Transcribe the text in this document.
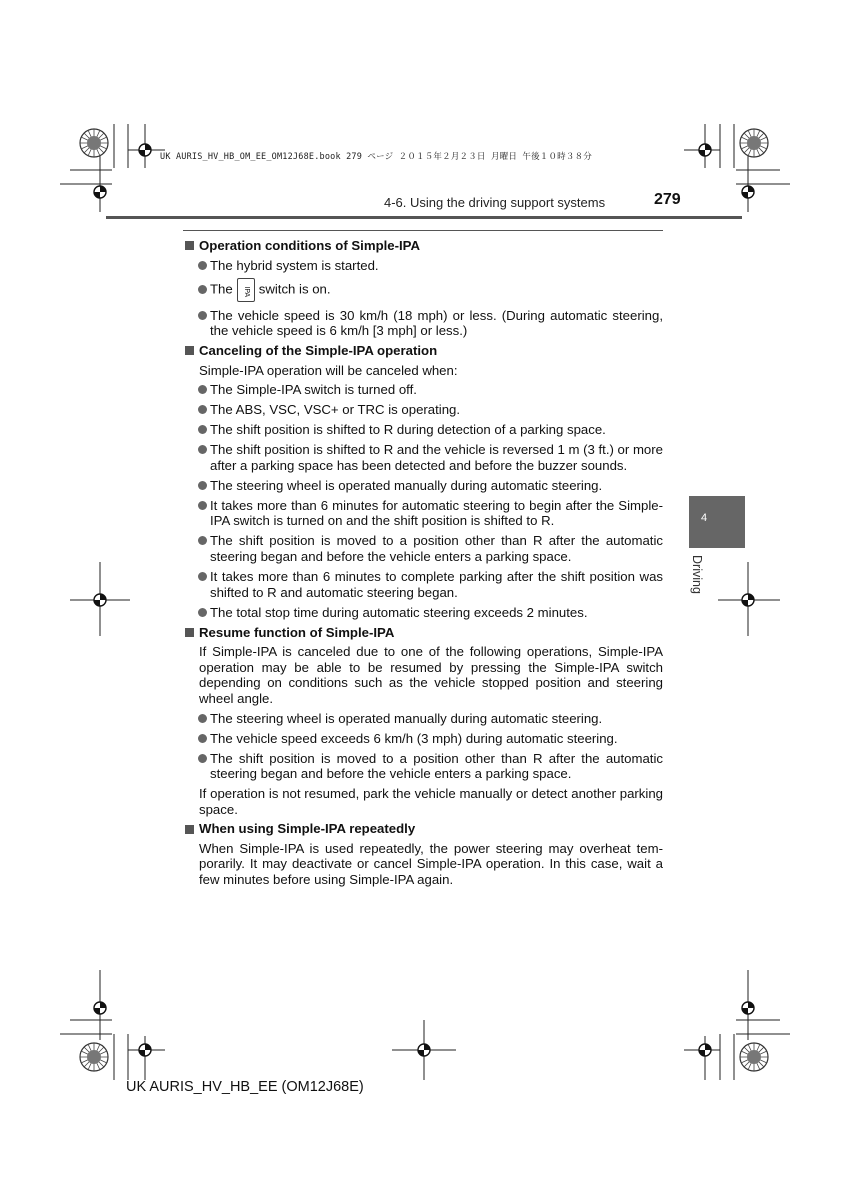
UK AURIS_HV_HB_OM_EE_OM12J68E.book 279 ページ ２０１５年２月２３日 月曜日 午後１０時３８分
4-6. Using the driving support systems	279
4
Driving
Operation conditions of Simple-IPA
The hybrid system is started.
The	IPA switch is on.
The vehicle speed is 30 km/h (18 mph) or less. (During automatic steering, the vehicle speed is 6 km/h [3 mph] or less.)
Canceling of the Simple-IPA operation
Simple-IPA operation will be canceled when:
The Simple-IPA switch is turned off.
The ABS, VSC, VSC+ or TRC is operating.
The shift position is shifted to R during detection of a parking space.
The shift position is shifted to R and the vehicle is reversed 1 m (3 ft.) or more after a parking space has been detected and before the buzzer sounds.
The steering wheel is operated manually during automatic steering.
It takes more than 6 minutes for automatic steering to begin after the Simple-IPA switch is turned on and the shift position is shifted to R.
The shift position is moved to a position other than R after the automatic steering began and before the vehicle enters a parking space.
It takes more than 6 minutes to complete parking after the shift position was shifted to R and automatic steering began.
The total stop time during automatic steering exceeds 2 minutes.
Resume function of Simple-IPA
If Simple-IPA is canceled due to one of the following operations, Simple-IPA operation may be able to be resumed by pressing the Simple-IPA switch depending on conditions such as the vehicle stopped position and steering wheel angle.
The steering wheel is operated manually during automatic steering.
The vehicle speed exceeds 6 km/h (3 mph) during automatic steering.
The shift position is moved to a position other than R after the automatic steering began and before the vehicle enters a parking space.
If operation is not resumed, park the vehicle manually or detect another parking space.
When using Simple-IPA repeatedly
When Simple-IPA is used repeatedly, the power steering may overheat temporarily. It may deactivate or cancel Simple-IPA operation. In this case, wait a few minutes before using Simple-IPA again.
UK AURIS_HV_HB_EE (OM12J68E)
